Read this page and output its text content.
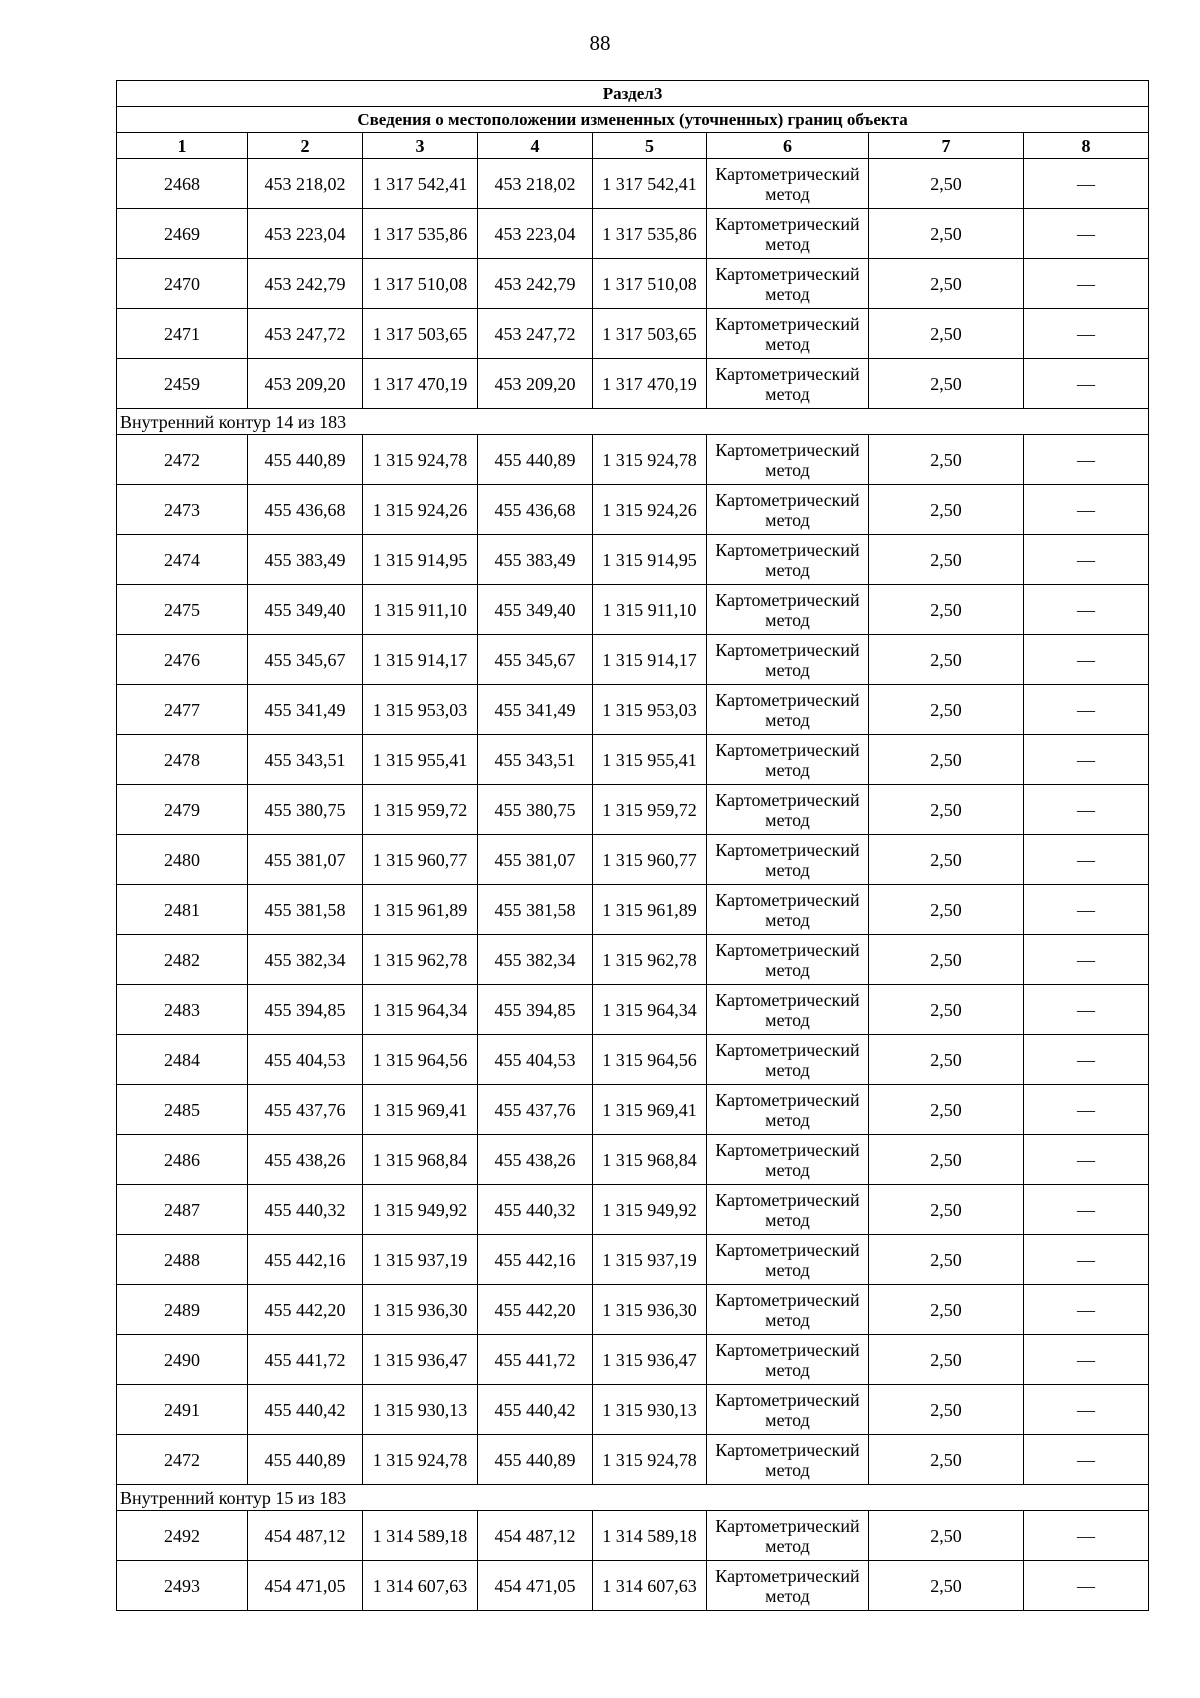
88
Раздел3							
Сведения о местоположении измененных (уточненных) границ объекта							
1	2	3	4	5	6	7	8
2468	453 218,02	1 317 542,41	453 218,02	1 317 542,41	Картометрический метод	2,50	—
2469	453 223,04	1 317 535,86	453 223,04	1 317 535,86	Картометрический метод	2,50	—
2470	453 242,79	1 317 510,08	453 242,79	1 317 510,08	Картометрический метод	2,50	—
2471	453 247,72	1 317 503,65	453 247,72	1 317 503,65	Картометрический метод	2,50	—
2459	453 209,20	1 317 470,19	453 209,20	1 317 470,19	Картометрический метод	2,50	—
Внутренний контур 14 из 183							
2472	455 440,89	1 315 924,78	455 440,89	1 315 924,78	Картометрический метод	2,50	—
2473	455 436,68	1 315 924,26	455 436,68	1 315 924,26	Картометрический метод	2,50	—
2474	455 383,49	1 315 914,95	455 383,49	1 315 914,95	Картометрический метод	2,50	—
2475	455 349,40	1 315 911,10	455 349,40	1 315 911,10	Картометрический метод	2,50	—
2476	455 345,67	1 315 914,17	455 345,67	1 315 914,17	Картометрический метод	2,50	—
2477	455 341,49	1 315 953,03	455 341,49	1 315 953,03	Картометрический метод	2,50	—
2478	455 343,51	1 315 955,41	455 343,51	1 315 955,41	Картометрический метод	2,50	—
2479	455 380,75	1 315 959,72	455 380,75	1 315 959,72	Картометрический метод	2,50	—
2480	455 381,07	1 315 960,77	455 381,07	1 315 960,77	Картометрический метод	2,50	—
2481	455 381,58	1 315 961,89	455 381,58	1 315 961,89	Картометрический метод	2,50	—
2482	455 382,34	1 315 962,78	455 382,34	1 315 962,78	Картометрический метод	2,50	—
2483	455 394,85	1 315 964,34	455 394,85	1 315 964,34	Картометрический метод	2,50	—
2484	455 404,53	1 315 964,56	455 404,53	1 315 964,56	Картометрический метод	2,50	—
2485	455 437,76	1 315 969,41	455 437,76	1 315 969,41	Картометрический метод	2,50	—
2486	455 438,26	1 315 968,84	455 438,26	1 315 968,84	Картометрический метод	2,50	—
2487	455 440,32	1 315 949,92	455 440,32	1 315 949,92	Картометрический метод	2,50	—
2488	455 442,16	1 315 937,19	455 442,16	1 315 937,19	Картометрический метод	2,50	—
2489	455 442,20	1 315 936,30	455 442,20	1 315 936,30	Картометрический метод	2,50	—
2490	455 441,72	1 315 936,47	455 441,72	1 315 936,47	Картометрический метод	2,50	—
2491	455 440,42	1 315 930,13	455 440,42	1 315 930,13	Картометрический метод	2,50	—
2472	455 440,89	1 315 924,78	455 440,89	1 315 924,78	Картометрический метод	2,50	—
Внутренний контур 15 из 183							
2492	454 487,12	1 314 589,18	454 487,12	1 314 589,18	Картометрический метод	2,50	—
2493	454 471,05	1 314 607,63	454 471,05	1 314 607,63	Картометрический метод	2,50	—
